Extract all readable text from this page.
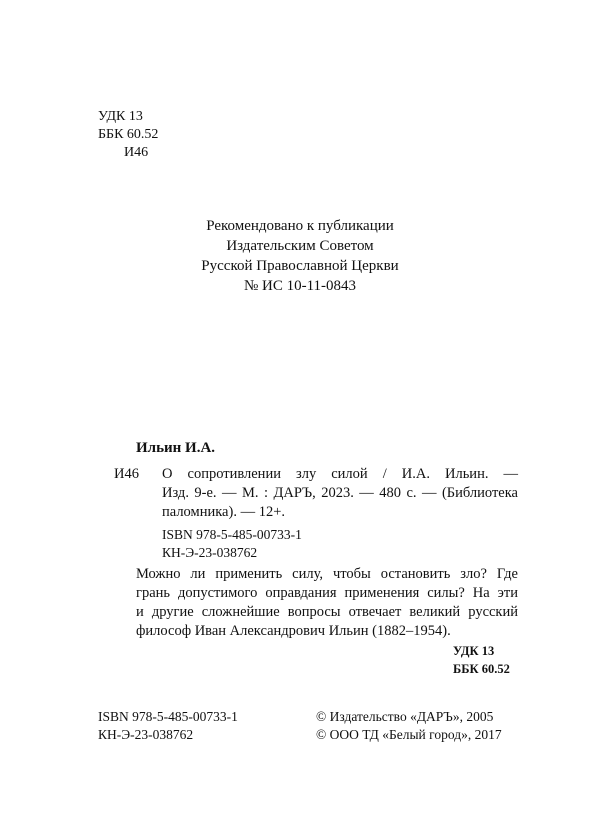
УДК 13
ББК 60.52
И46
Рекомендовано к публикации
Издательским Советом
Русской Православной Церкви
№ ИС 10-11-0843
Ильин И.А.
И46 О сопротивлении злу силой / И.А. Ильин. —
Изд. 9-е. — М. : ДАРЪ, 2023. — 480 с. — (Библиотека
паломника). — 12+.
ISBN 978-5-485-00733-1
КН-Э-23-038762
Можно ли применить силу, чтобы остановить зло? Где
грань допустимого оправдания применения силы? На эти
и другие сложнейшие вопросы отвечает великий русский
философ Иван Александрович Ильин (1882–1954).
УДК 13
ББК 60.52
ISBN 978-5-485-00733-1
КН-Э-23-038762
© Издательство «ДАРЪ», 2005
© ООО ТД «Белый город», 2017
